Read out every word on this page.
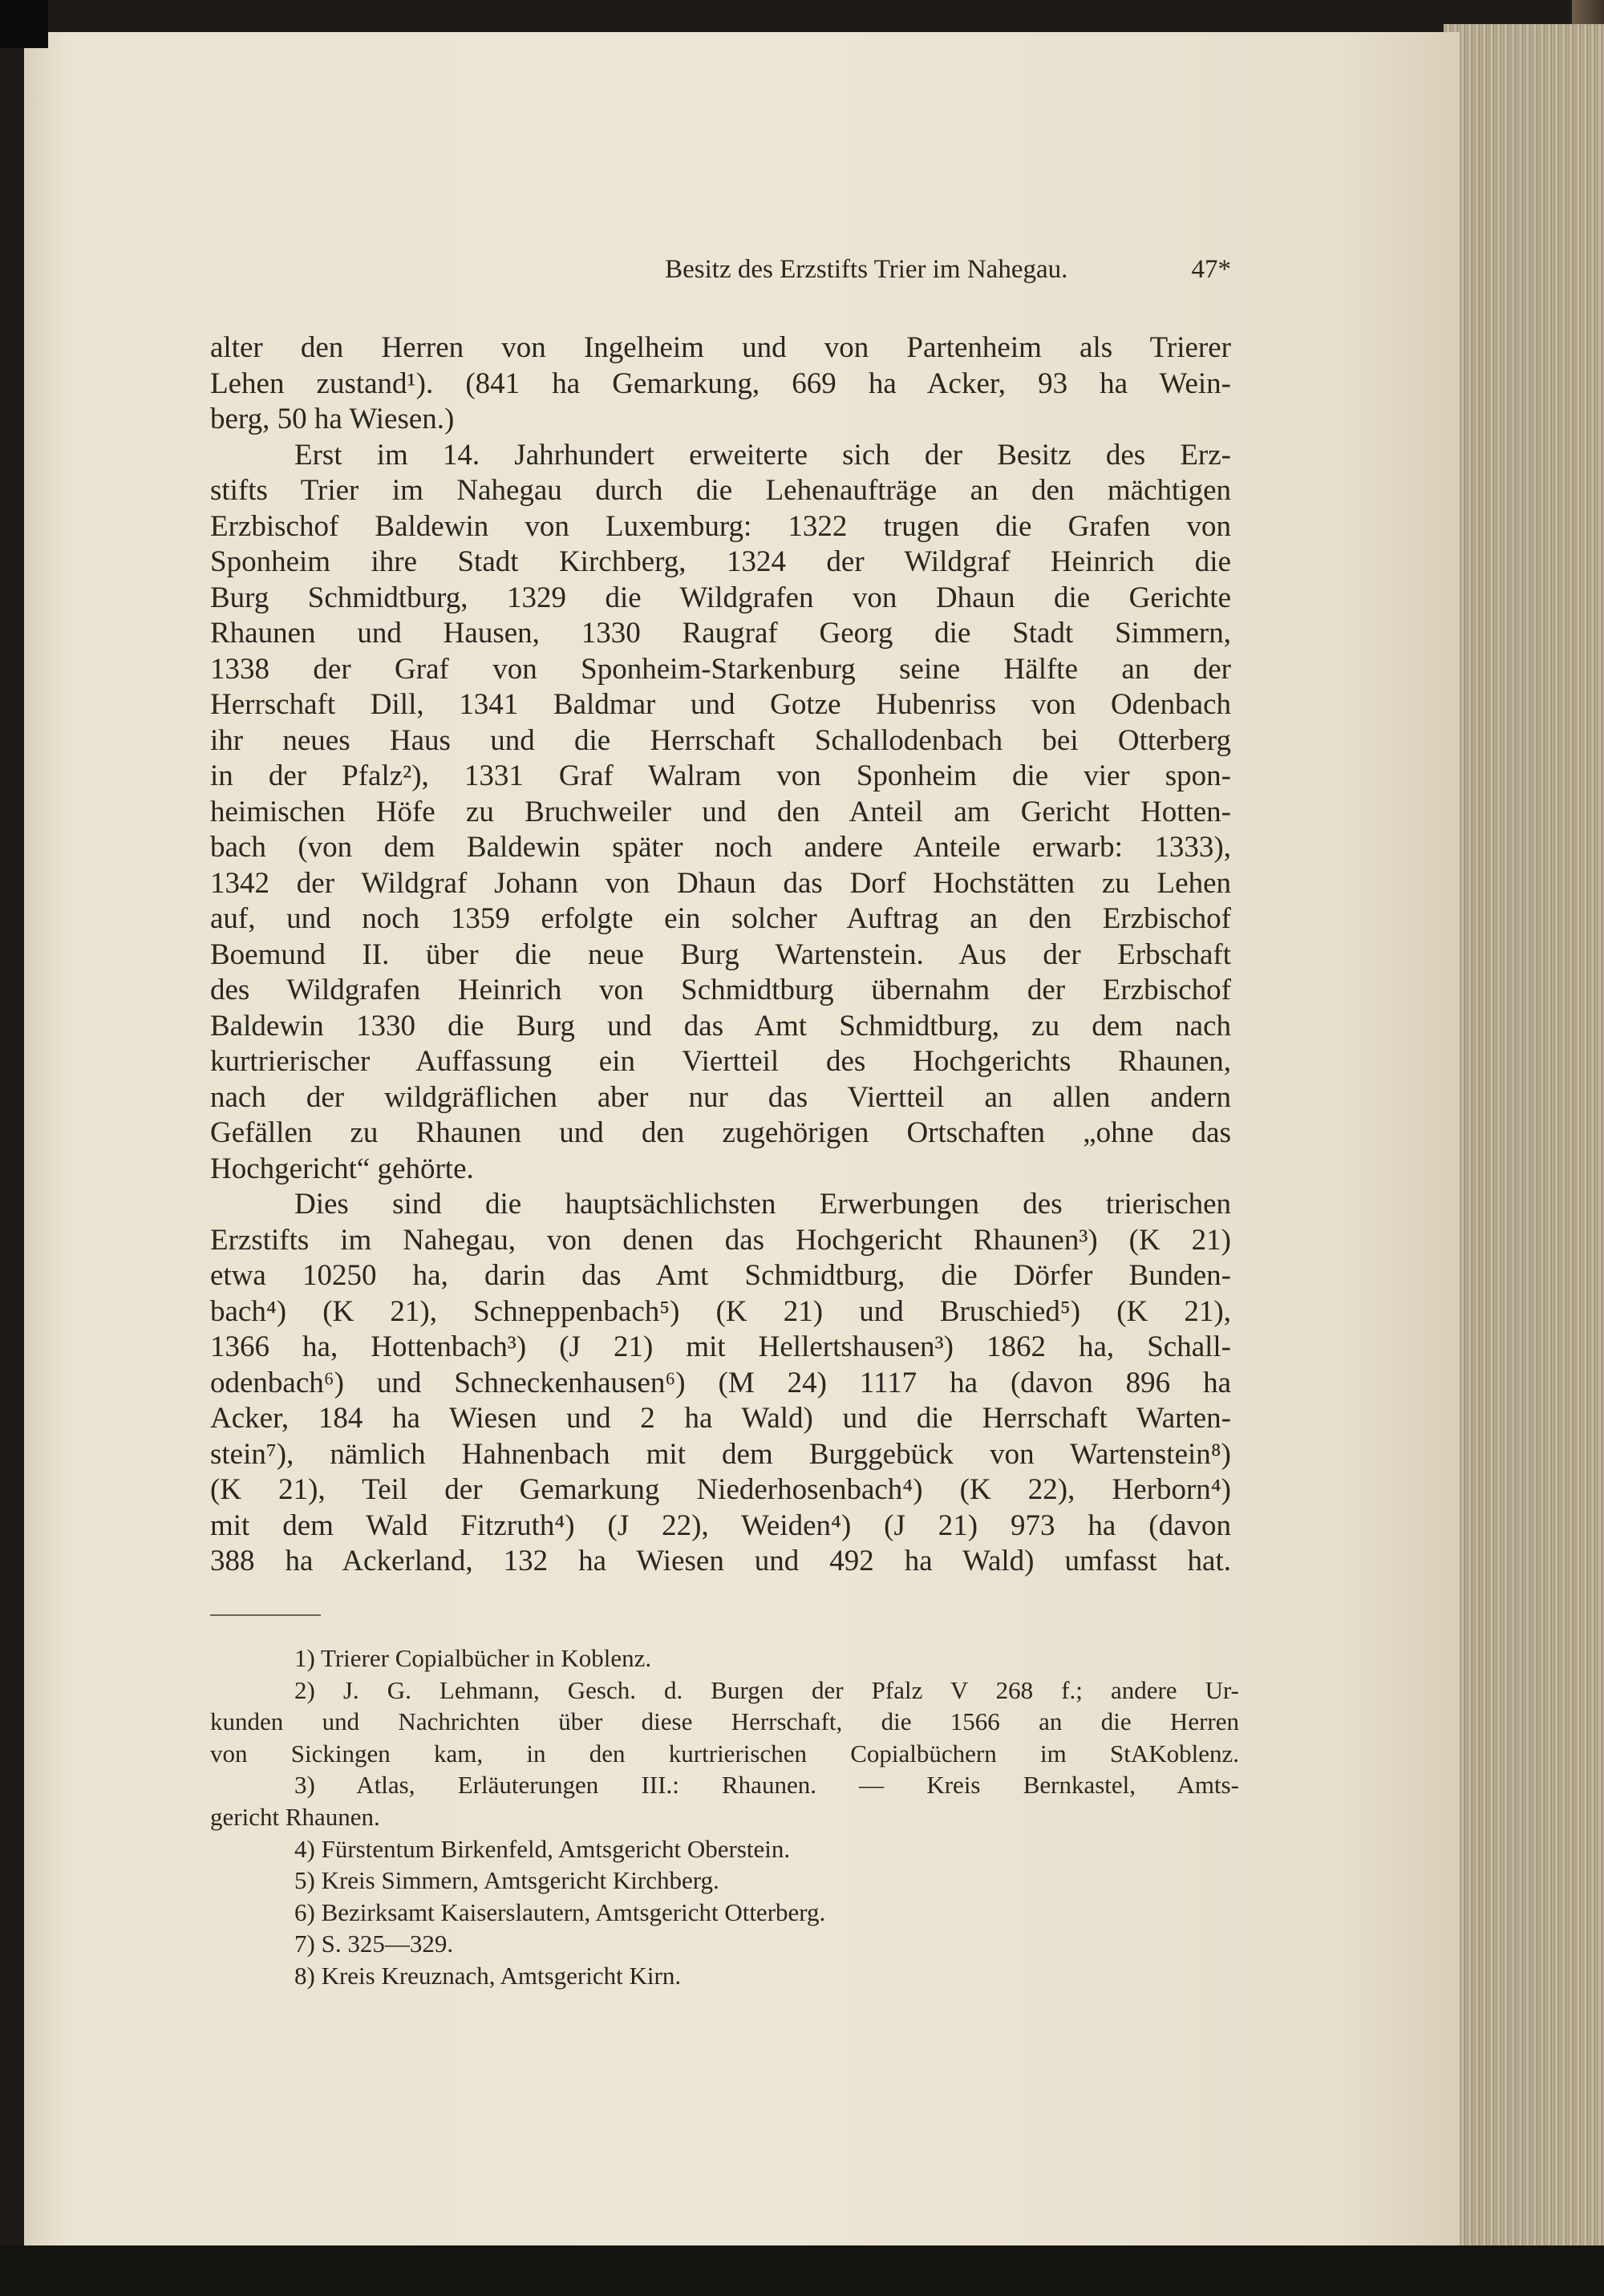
Besitz des Erzstifts Trier im Nahegau.	47*
alter den Herren von Ingelheim und von Partenheim als Trierer
Lehen zustand¹). (841 ha Gemarkung, 669 ha Acker, 93 ha Wein-
berg, 50 ha Wiesen.)
Erst im 14. Jahrhundert erweiterte sich der Besitz des Erz-
stifts Trier im Nahegau durch die Lehenaufträge an den mächtigen
Erzbischof Baldewin von Luxemburg: 1322 trugen die Grafen von
Sponheim ihre Stadt Kirchberg, 1324 der Wildgraf Heinrich die
Burg Schmidtburg, 1329 die Wildgrafen von Dhaun die Gerichte
Rhaunen und Hausen, 1330 Raugraf Georg die Stadt Simmern,
1338 der Graf von Sponheim-Starkenburg seine Hälfte an der
Herrschaft Dill, 1341 Baldmar und Gotze Hubenriss von Odenbach
ihr neues Haus und die Herrschaft Schallodenbach bei Otterberg
in der Pfalz²), 1331 Graf Walram von Sponheim die vier spon-
heimischen Höfe zu Bruchweiler und den Anteil am Gericht Hotten-
bach (von dem Baldewin später noch andere Anteile erwarb: 1333),
1342 der Wildgraf Johann von Dhaun das Dorf Hochstätten zu Lehen
auf, und noch 1359 erfolgte ein solcher Auftrag an den Erzbischof
Boemund II. über die neue Burg Wartenstein. Aus der Erbschaft
des Wildgrafen Heinrich von Schmidtburg übernahm der Erzbischof
Baldewin 1330 die Burg und das Amt Schmidtburg, zu dem nach
kurtrierischer Auffassung ein Viertteil des Hochgerichts Rhaunen,
nach der wildgräflichen aber nur das Viertteil an allen andern
Gefällen zu Rhaunen und den zugehörigen Ortschaften „ohne das
Hochgericht“ gehörte.
Dies sind die hauptsächlichsten Erwerbungen des trierischen
Erzstifts im Nahegau, von denen das Hochgericht Rhaunen³) (K 21)
etwa 10250 ha, darin das Amt Schmidtburg, die Dörfer Bunden-
bach⁴) (K 21), Schneppenbach⁵) (K 21) und Bruschied⁵) (K 21),
1366 ha, Hottenbach³) (J 21) mit Hellertshausen³) 1862 ha, Schall-
odenbach⁶) und Schneckenhausen⁶) (M 24) 1117 ha (davon 896 ha
Acker, 184 ha Wiesen und 2 ha Wald) und die Herrschaft Warten-
stein⁷), nämlich Hahnenbach mit dem Burggebück von Wartenstein⁸)
(K 21), Teil der Gemarkung Niederhosenbach⁴) (K 22), Herborn⁴)
mit dem Wald Fitzruth⁴) (J 22), Weiden⁴) (J 21) 973 ha (davon
388 ha Ackerland, 132 ha Wiesen und 492 ha Wald) umfasst hat.
1) Trierer Copialbücher in Koblenz.
2) J. G. Lehmann, Gesch. d. Burgen der Pfalz V 268 f.; andere Ur-
kunden und Nachrichten über diese Herrschaft, die 1566 an die Herren
von Sickingen kam, in den kurtrierischen Copialbüchern im StAKoblenz.
3) Atlas, Erläuterungen III.: Rhaunen. — Kreis Bernkastel, Amts-
gericht Rhaunen.
4) Fürstentum Birkenfeld, Amtsgericht Oberstein.
5) Kreis Simmern, Amtsgericht Kirchberg.
6) Bezirksamt Kaiserslautern, Amtsgericht Otterberg.
7) S. 325—329.
8) Kreis Kreuznach, Amtsgericht Kirn.
